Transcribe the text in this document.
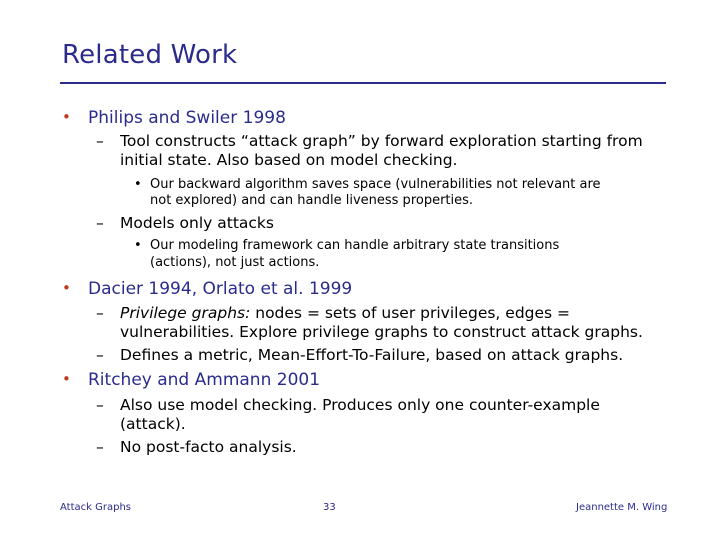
Related Work
• Philips and Swiler 1998
– Tool constructs “attack graph” by forward exploration starting from
initial state. Also based on model checking.
• Our backward algorithm saves space (vulnerabilities not relevant are
not explored) and can handle liveness properties.
– Models only attacks
• Our modeling framework can handle arbitrary state transitions
(actions), not just actions.
• Dacier 1994, Orlato et al. 1999
– Privilege graphs: nodes = sets of user privileges, edges =
vulnerabilities. Explore privilege graphs to construct attack graphs.
– Defines a metric, Mean-Effort-To-Failure, based on attack graphs.
• Ritchey and Ammann 2001
– Also use model checking. Produces only one counter-example
(attack).
– No post-facto analysis.
Attack Graphs	33	Jeannette M. Wing
